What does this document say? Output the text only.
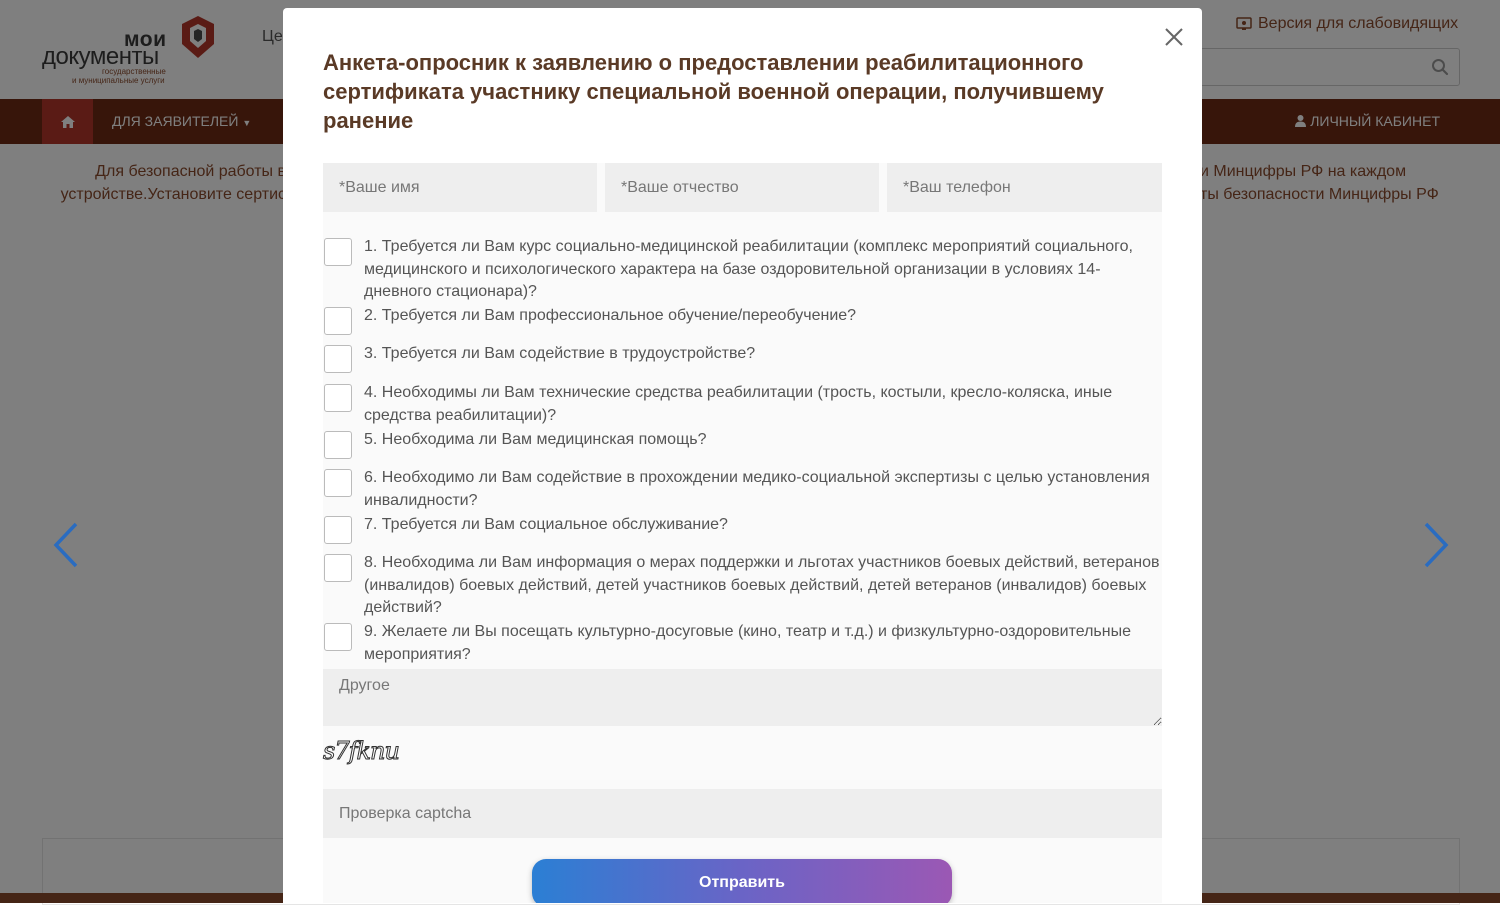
Анкета-опросник к заявлению о предоставлении реабилитационного сертификата участнику специальной военной операции, получившему ранение
*Ваше имя
*Ваше отчество
*Ваш телефон
1. Требуется ли Вам курс социально-медицинской реабилитации (комплекс мероприятий социального, медицинского и психологического характера на базе оздоровительной организации в условиях 14-дневного стационара)?
2. Требуется ли Вам профессиональное обучение/переобучение?
3. Требуется ли Вам содействие в трудоустройстве?
4. Необходимы ли Вам технические средства реабилитации (трость, костыли, кресло-коляска, иные средства реабилитации)?
5. Необходима ли Вам медицинская помощь?
6. Необходимо ли Вам содействие в прохождении медико-социальной экспертизы с целью установления инвалидности?
7. Требуется ли Вам социальное обслуживание?
8. Необходима ли Вам информация о мерах поддержки и льготах участников боевых действий, ветеранов (инвалидов) боевых действий, детей участников боевых действий, детей ветеранов (инвалидов) боевых действий?
9. Желаете ли Вы посещать культурно-досуговые (кино, театр и т.д.) и физкультурно-оздоровительные мероприятия?
Другое
s7fknu
Проверка captcha
Отправить
